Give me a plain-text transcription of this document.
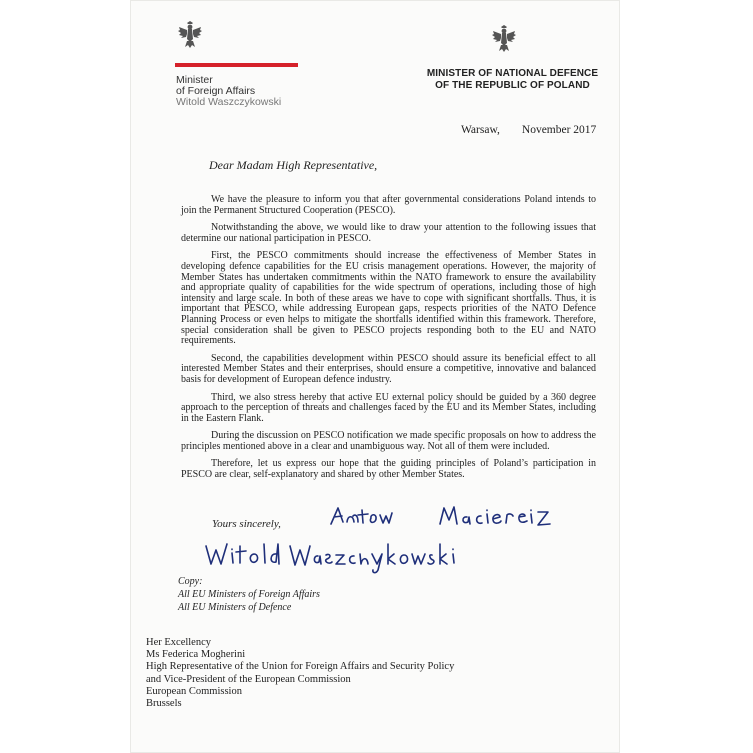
Minister
of Foreign Affairs
Witold Waszczykowski
MINISTER OF NATIONAL DEFENCE
OF THE REPUBLIC OF POLAND
Warsaw, November 2017
Dear Madam High Representative,

We have the pleasure to inform you that after governmental considerations Poland intends to join the Permanent Structured Cooperation (PESCO).

Notwithstanding the above, we would like to draw your attention to the following issues that determine our national participation in PESCO.

First, the PESCO commitments should increase the effectiveness of Member States in developing defence capabilities for the EU crisis management operations. However, the majority of Member States has undertaken commitments within the NATO framework to ensure the availability and appropriate quality of capabilities for the wide spectrum of operations, including those of high intensity and large scale. In both of these areas we have to cope with significant shortfalls. Thus, it is important that PESCO, while addressing European gaps, respects priorities of the NATO Defence Planning Process or even helps to mitigate the shortfalls identified within this framework. Therefore, special consideration shall be given to PESCO projects responding both to the EU and NATO requirements.

Second, the capabilities development within PESCO should assure its beneficial effect to all interested Member States and their enterprises, should ensure a competitive, innovative and balanced basis for development of European defence industry.

Third, we also stress hereby that active EU external policy should be guided by a 360 degree approach to the perception of threats and challenges faced by the EU and its Member States, including in the Eastern Flank.

During the discussion on PESCO notification we made specific proposals on how to address the principles mentioned above in a clear and unambiguous way. Not all of them were included.

Therefore, let us express our hope that the guiding principles of Poland’s participation in PESCO are clear, self-explanatory and shared by other Member States.

Yours sincerely,
Copy:
All EU Ministers of Foreign Affairs
All EU Ministers of Defence
Her Excellency
Ms Federica Mogherini
High Representative of the Union for Foreign Affairs and Security Policy
and Vice-President of the European Commission
European Commission
Brussels
